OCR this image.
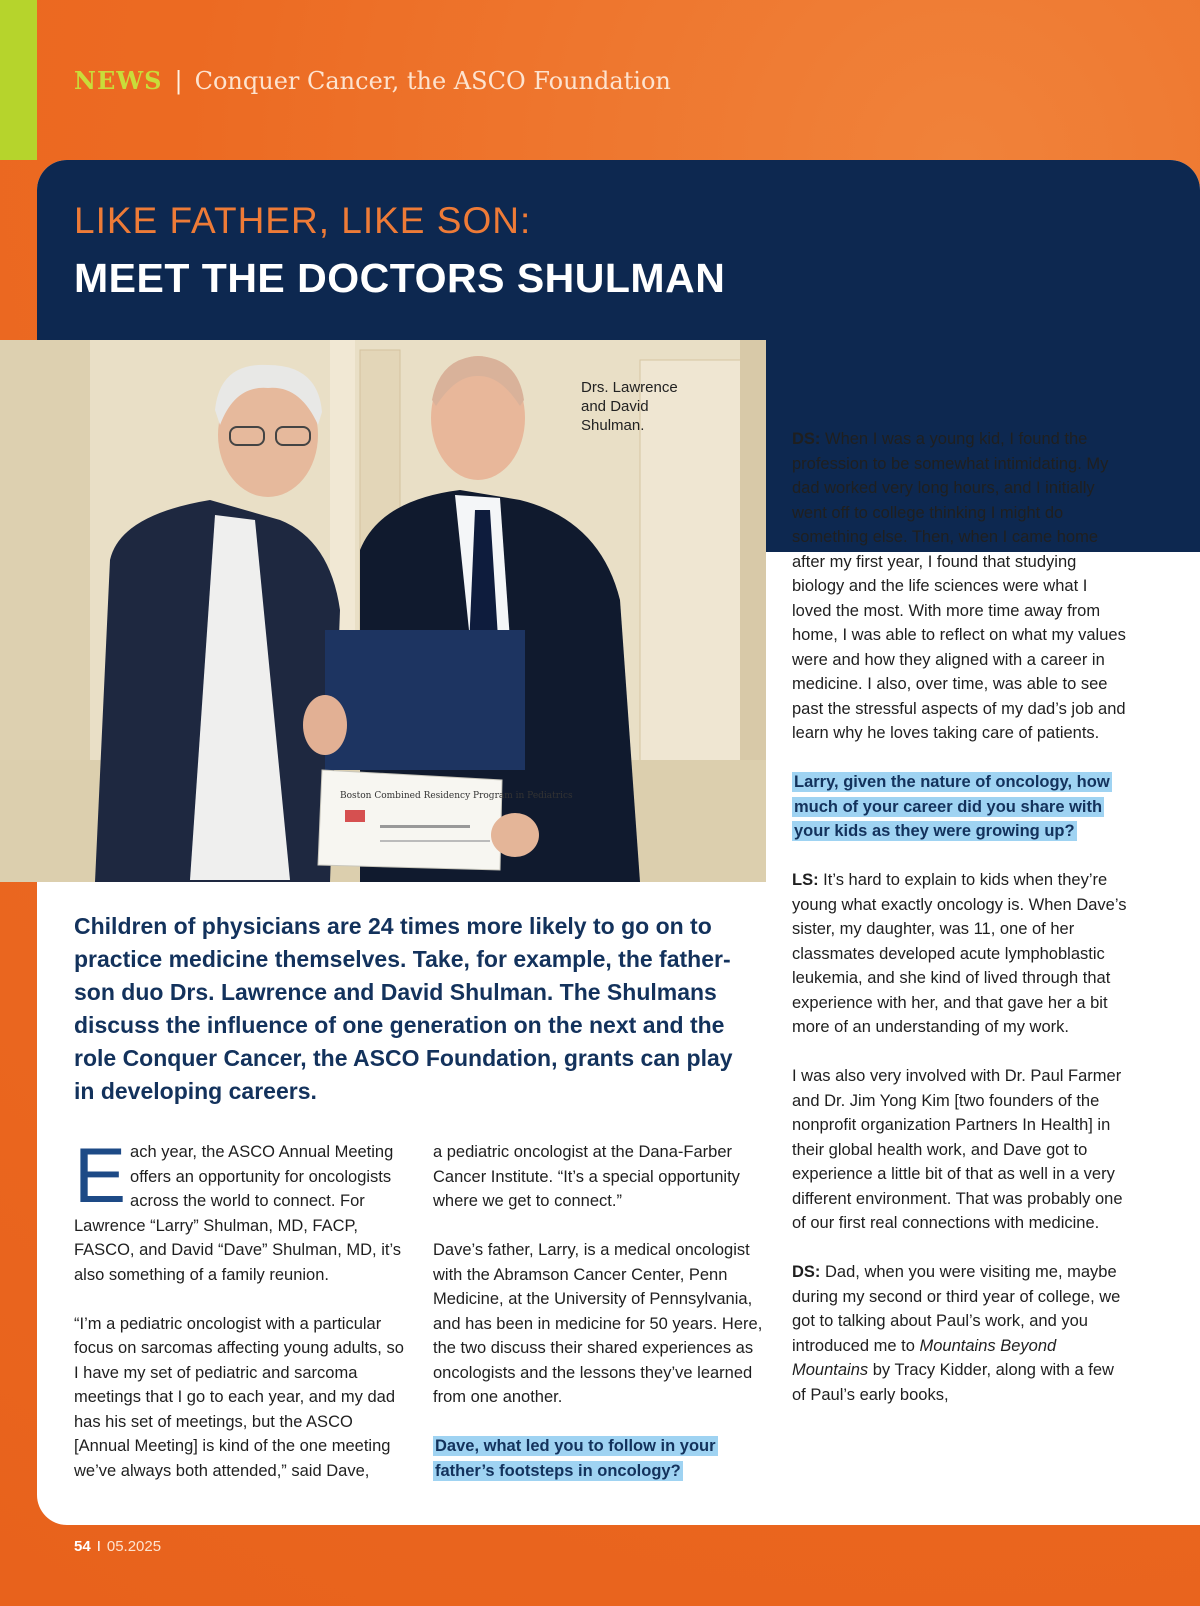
NEWS | Conquer Cancer, the ASCO Foundation
LIKE FATHER, LIKE SON:
MEET THE DOCTORS SHULMAN
Boston Combined Residency Program in Pediatrics
Drs. Lawrence and David Shulman.
Children of physicians are 24 times more likely to go on to practice medicine themselves. Take, for example, the father-son duo Drs. Lawrence and David Shulman. The Shulmans discuss the influence of one generation on the next and the role Conquer Cancer, the ASCO Foundation, grants can play in developing careers.

Each year, the ASCO Annual Meeting offers an opportunity for oncologists across the world to connect. For Lawrence “Larry” Shulman, MD, FACP, FASCO, and David “Dave” Shulman, MD, it’s also something of a family reunion.

“I’m a pediatric oncologist with a particular focus on sarcomas affecting young adults, so I have my set of pediatric and sarcoma meetings that I go to each year, and my dad has his set of meetings, but the ASCO [Annual Meeting] is kind of the one meeting we’ve always both attended,” said Dave,

a pediatric oncologist at the Dana-Farber Cancer Institute. “It’s a special opportunity where we get to connect.”

Dave’s father, Larry, is a medical oncologist with the Abramson Cancer Center, Penn Medicine, at the University of Pennsylvania, and has been in medicine for 50 years. Here, the two discuss their shared experiences as oncologists and the lessons they’ve learned from one another.

Dave, what led you to follow in your father’s footsteps in oncology?

DS: When I was a young kid, I found the profession to be somewhat intimidating. My dad worked very long hours, and I initially went off to college thinking I might do something else. Then, when I came home after my first year, I found that studying biology and the life sciences were what I loved the most. With more time away from home, I was able to reflect on what my values were and how they aligned with a career in medicine. I also, over time, was able to see past the stressful aspects of my dad’s job and learn why he loves taking care of patients.

Larry, given the nature of oncology, how much of your career did you share with your kids as they were growing up?

LS: It’s hard to explain to kids when they’re young what exactly oncology is. When Dave’s sister, my daughter, was 11, one of her classmates developed acute lymphoblastic leukemia, and she kind of lived through that experience with her, and that gave her a bit more of an understanding of my work.

I was also very involved with Dr. Paul Farmer and Dr. Jim Yong Kim [two founders of the nonprofit organization Partners In Health] in their global health work, and Dave got to experience a little bit of that as well in a very different environment. That was probably one of our first real connections with medicine.

DS: Dad, when you were visiting me, maybe during my second or third year of college, we got to talking about Paul’s work, and you introduced me to Mountains Beyond Mountains by Tracy Kidder, along with a few of Paul’s early books,

54 I 05.2025
